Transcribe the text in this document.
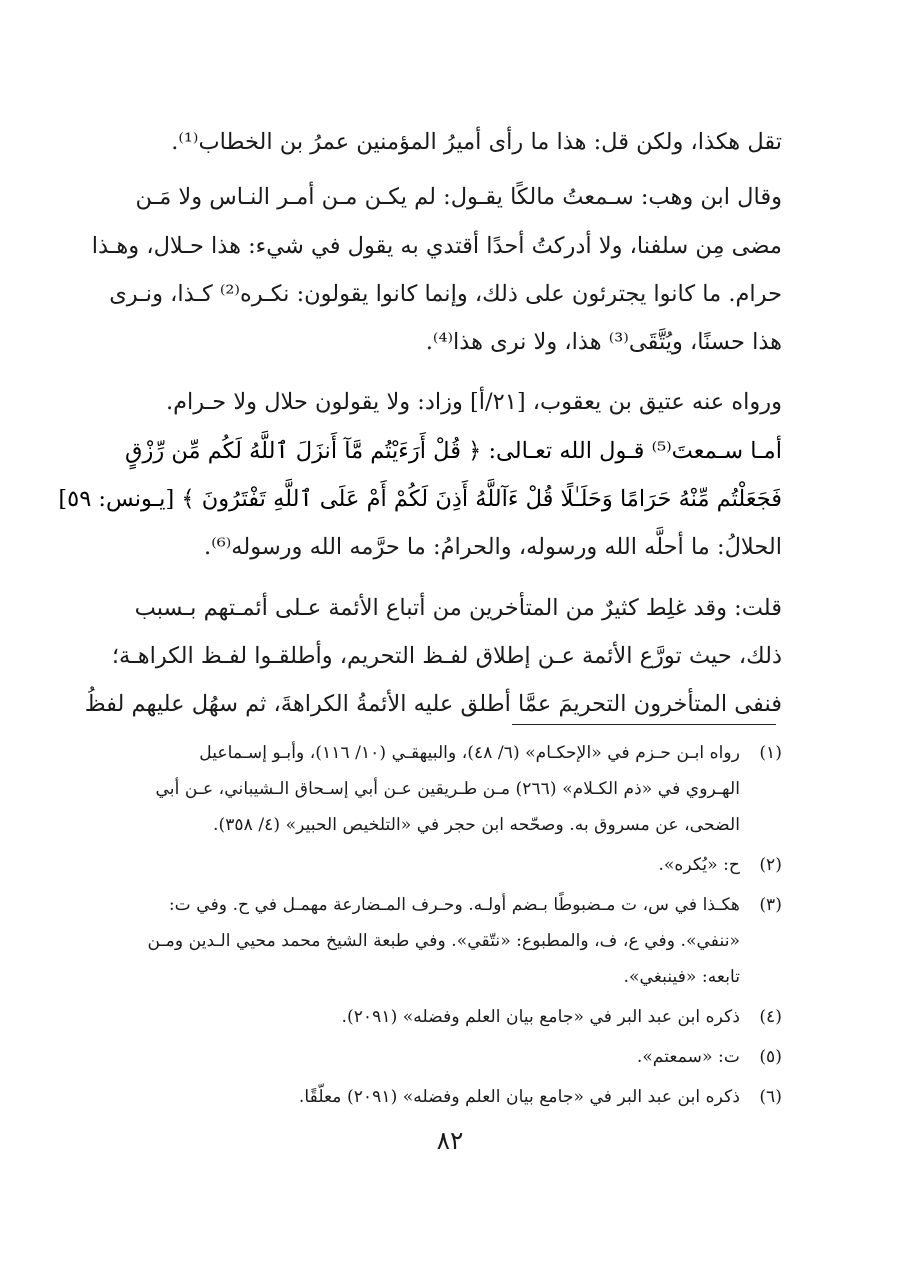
تقل هكذا، ولكن قل: هذا ما رأى أميرُ المؤمنين عمرُ بن الخطاب⁽¹⁾.

وقال ابن وهب: سـمعتُ مالكًا يقـول: لم يكـن مـن أمـر النـاس ولا مَـن
مضى مِن سلفنا، ولا أدركتُ أحدًا أقتدي به يقول في شيء: هذا حـلال، وهـذا
حرام. ما كانوا يجترئون على ذلك، وإنما كانوا يقولون: نكـره⁽²⁾ كـذا، ونـرى
هذا حسنًا، ويُتَّقَى⁽³⁾ هذا، ولا نرى هذا⁽⁴⁾.

ورواه عنه عتيق بن يعقوب، [٢١/أ] وزاد: ولا يقولون حلال ولا حـرام.
أمـا سـمعتَ⁽⁵⁾ قـول الله تعـالى: ﴿ قُلْ أَرَءَيْتُم مَّآ أَنزَلَ ٱللَّهُ لَكُم مِّن رِّزْقٍ
فَجَعَلْتُم مِّنْهُ حَرَامًا وَحَلَـٰلًا قُلْ ءَآللَّهُ أَذِنَ لَكُمْ أَمْ عَلَى ٱللَّهِ تَفْتَرُونَ ﴾ [يـونس: ٥٩]
الحلالُ: ما أحلَّه الله ورسوله، والحرامُ: ما حرَّمه الله ورسوله⁽⁶⁾.

قلت: وقد غلِط كثيرٌ من المتأخرين من أتباع الأئمة عـلى أئمـتهم بـسبب
ذلك، حيث تورَّع الأئمة عـن إطلاق لفـظ التحريم، وأطلقـوا لفـظ الكراهـة؛
فنفى المتأخرون التحريمَ عمَّا أطلق عليه الأئمةُ الكراهةَ، ثم سهُل عليهم لفظُ

(١)
رواه ابـن حـزم في «الإحكـام» (٦/ ٤٨)، والبيهقـي (١٠/ ١١٦)، وأبـو إسـماعيل
الهـروي في «ذم الكـلام» (٢٦٦) مـن طـريقين عـن أبي إسـحاق الـشيباني، عـن أبي
الضحى، عن مسروق به. وصحّحه ابن حجر في «التلخيص الحبير» (٤/ ٣٥٨).
(٢)
ح: «يُكره».
(٣)
هكـذا في س، ت مـضبوطًا بـضم أولـه. وحـرف المـضارعة مهمـل في ح. وفي ت:
«ننفي». وفي ع، ف، والمطبوع: «نتّقي». وفي طبعة الشيخ محمد محيي الـدين ومـن
تابعه: «فينبغي».
(٤)
ذكره ابن عبد البر في «جامع بيان العلم وفضله» (٢٠٩١).
(٥)
ت: «سمعتم».
(٦)
ذكره ابن عبد البر في «جامع بيان العلم وفضله» (٢٠٩١) معلّقًا.
٨٢
